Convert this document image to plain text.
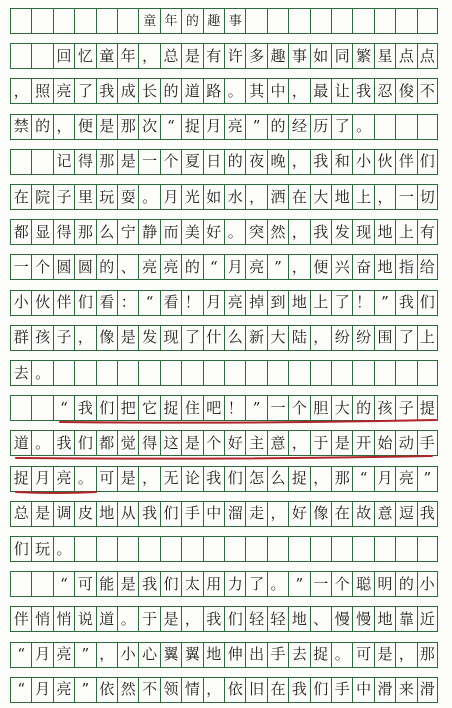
童 年 的 趣 事
回 忆 童 年 ， 总 是 有 许 多 趣 事 如 同 繁 星 点 点
， 照 亮 了 我 成 长 的 道 路 。 其 中 ， 最 让 我 忍 俊 不
禁 的 ， 便 是 那 次 “ 捉 月 亮 ” 的 经 历 了 。
记 得 那 是 一 个 夏 日 的 夜 晚 ， 我 和 小 伙 伴 们
在 院 子 里 玩 耍 。 月 光 如 水 ， 洒 在 大 地 上 ， 一 切
都 显 得 那 么 宁 静 而 美 好 。 突 然 ， 我 发 现 地 上 有
一 个 圆 圆 的 、 亮 亮 的 “ 月 亮 ” ， 便 兴 奋 地 指 给
小 伙 伴 们 看 ： “ 看 ！ 月 亮 掉 到 地 上 了 ！ ” 我 们
群 孩 子 ， 像 是 发 现 了 什 么 新 大 陆 ， 纷 纷 围 了 上
去 。
“ 我 们 把 它 捉 住 吧 ！ ” 一 个 胆 大 的 孩 子 提
道 。 我 们 都 觉 得 这 是 个 好 主 意 ， 于 是 开 始 动 手
捉 月 亮 。 可 是 ， 无 论 我 们 怎 么 捉 ， 那 “ 月 亮 ”
总 是 调 皮 地 从 我 们 手 中 溜 走 ， 好 像 在 故 意 逗 我
们 玩 。
“ 可 能 是 我 们 太 用 力 了 。 ” 一 个 聪 明 的 小
伴 悄 悄 说 道 。 于 是 ， 我 们 轻 轻 地 、 慢 慢 地 靠 近
“ 月 亮 ” ， 小 心 翼 翼 地 伸 出 手 去 捉 。 可 是 ， 那
“ 月 亮 ” 依 然 不 领 情 ， 依 旧 在 我 们 手 中 滑 来 滑
